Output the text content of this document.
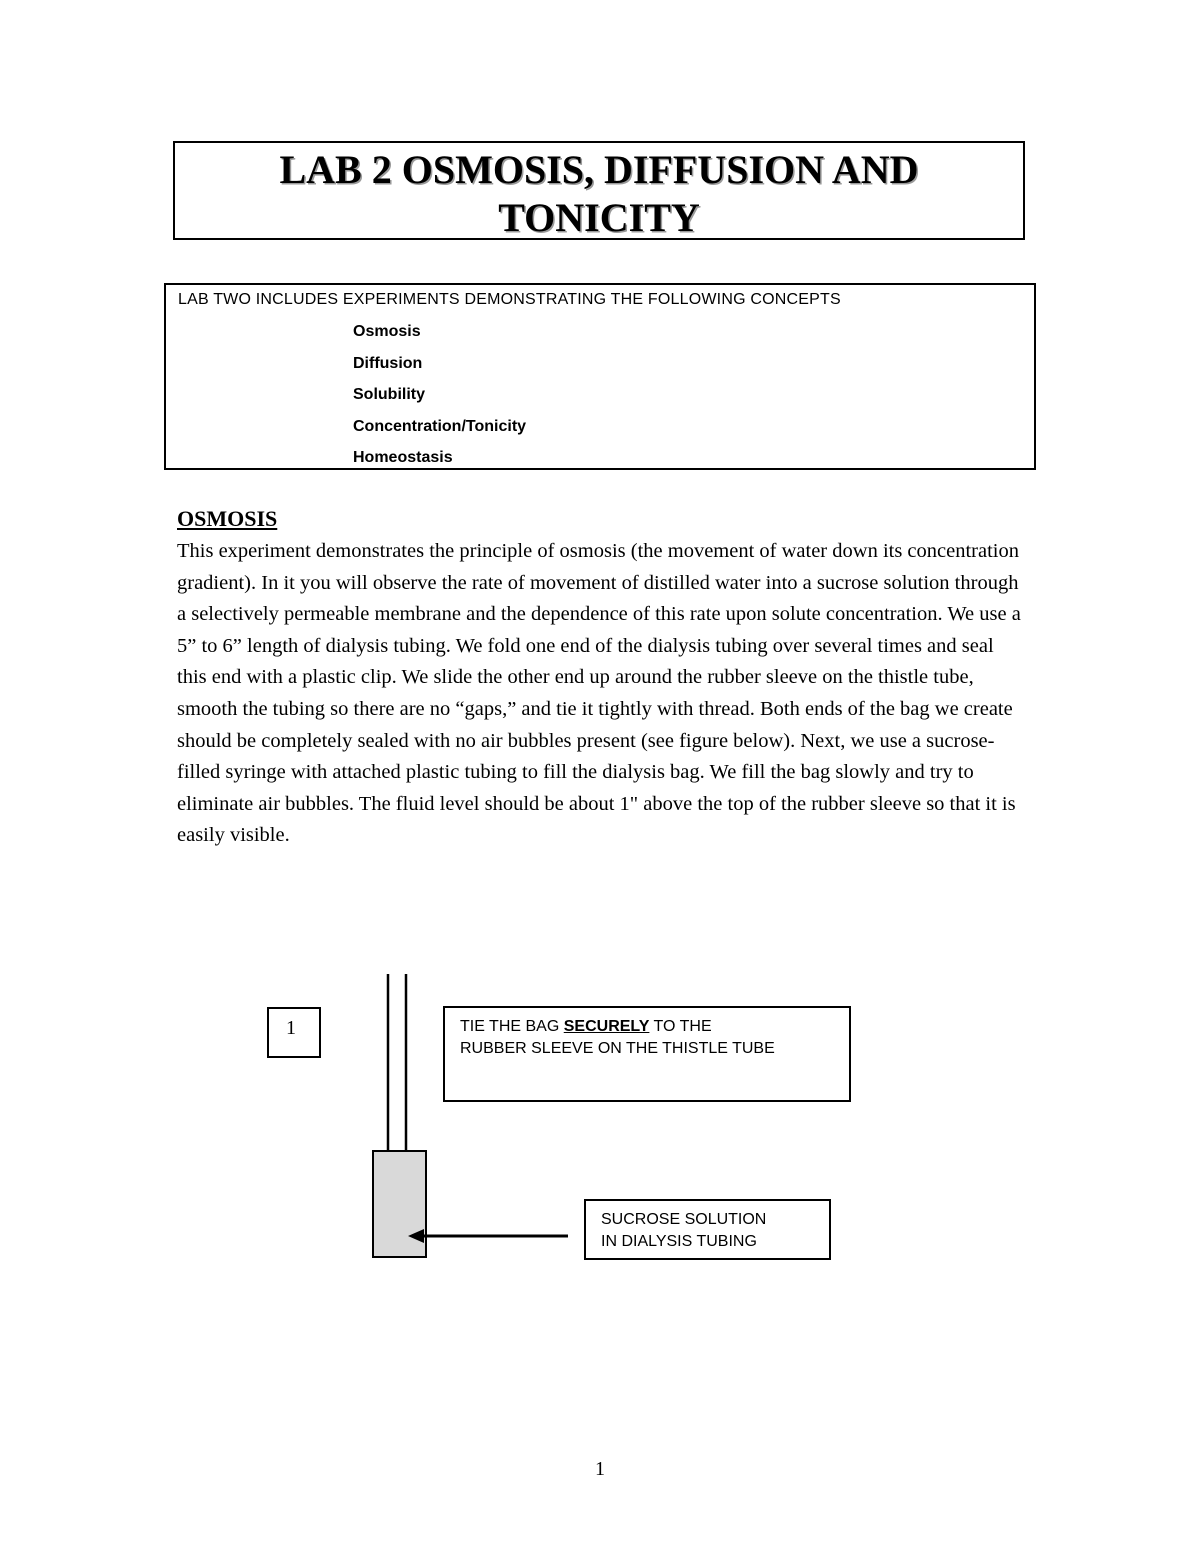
LAB 2 OSMOSIS, DIFFUSION AND
TONICITY
LAB TWO INCLUDES EXPERIMENTS DEMONSTRATING THE FOLLOWING CONCEPTS
Osmosis
Diffusion
Solubility
Concentration/Tonicity
Homeostasis
OSMOSIS

This experiment demonstrates the principle of osmosis (the movement of water down its concentration gradient). In it you will observe the rate of movement of distilled water into a sucrose solution through a selectively permeable membrane and the dependence of this rate upon solute concentration. We use a 5” to 6” length of dialysis tubing. We fold one end of the dialysis tubing over several times and seal this end with a plastic clip. We slide the other end up around the rubber sleeve on the thistle tube, smooth the tubing so there are no “gaps,” and tie it tightly with thread. Both ends of the bag we create should be completely sealed with no air bubbles present (see figure below). Next, we use a sucrose-filled syringe with attached plastic tubing to fill the dialysis bag. We fill the bag slowly and try to eliminate air bubbles. The fluid level should be about 1" above the top of the rubber sleeve so that it is easily visible.

1	TIE THE BAG SECURELY TO THE
RUBBER SLEEVE ON THE THISTLE TUBE
SUCROSE SOLUTION
IN DIALYSIS TUBING
1
